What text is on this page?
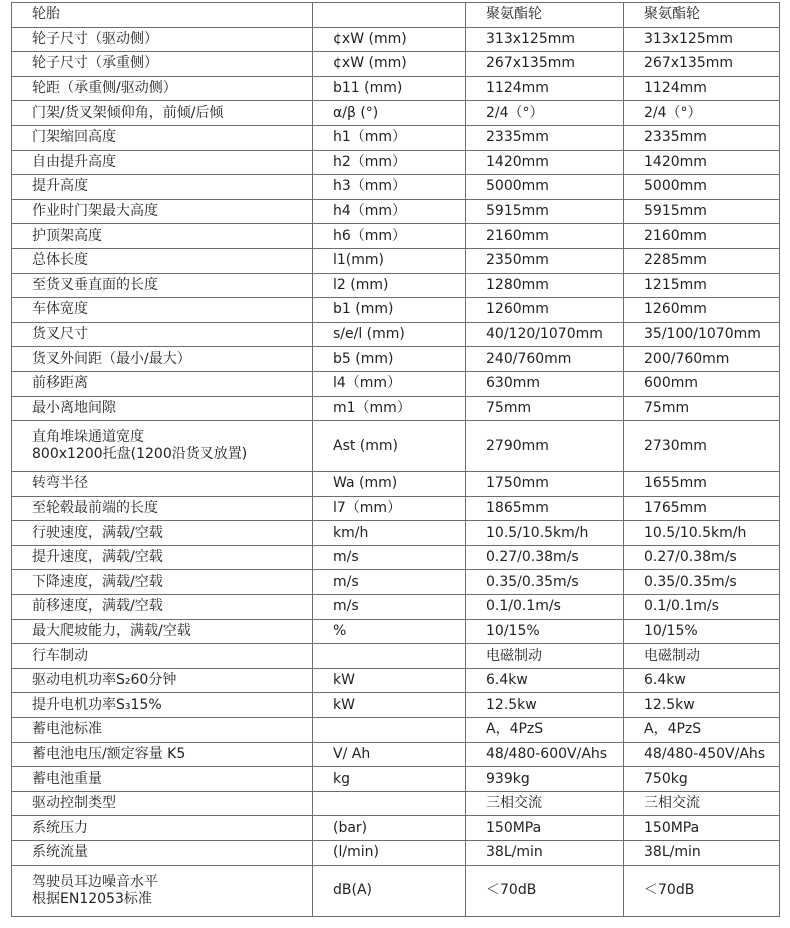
轮胎		聚氨酯轮	聚氨酯轮
轮子尺寸（驱动侧）	¢xW (mm)	313x125mm	313x125mm
轮子尺寸（承重侧）	¢xW (mm)	267x135mm	267x135mm
轮距（承重侧/驱动侧）	b11 (mm)	1124mm	1124mm
门架/货叉架倾仰角，前倾/后倾	α/β (°)	2/4（°）	2/4（°）
门架缩回高度	h1（mm）	2335mm	2335mm
自由提升高度	h2（mm）	1420mm	1420mm
提升高度	h3（mm）	5000mm	5000mm
作业时门架最大高度	h4（mm）	5915mm	5915mm
护顶架高度	h6（mm）	2160mm	2160mm
总体长度	l1(mm)	2350mm	2285mm
至货叉垂直面的长度	l2 (mm)	1280mm	1215mm
车体宽度	b1 (mm)	1260mm	1260mm
货叉尺寸	s/e/l (mm)	40/120/1070mm	35/100/1070mm
货叉外间距（最小/最大）	b5 (mm)	240/760mm	200/760mm
前移距离	l4（mm）	630mm	600mm
最小离地间隙	m1（mm）	75mm	75mm

直角堆垛通道宽度
800x1200托盘(1200沿货叉放置)	Ast (mm)	2790mm	2730mm
转弯半径	Wa (mm)	1750mm	1655mm
至轮毂最前端的长度	l7（mm）	1865mm	1765mm
行驶速度，满载/空载	km/h	10.5/10.5km/h	10.5/10.5km/h
提升速度，满载/空载	m/s	0.27/0.38m/s	0.27/0.38m/s
下降速度，满载/空载	m/s	0.35/0.35m/s	0.35/0.35m/s
前移速度，满载/空载	m/s	0.1/0.1m/s	0.1/0.1m/s
最大爬坡能力，满载/空载	%	10/15%	10/15%
行车制动		电磁制动	电磁制动
驱动电机功率S₂60分钟	kW	6.4kw	6.4kw
提升电机功率S₃15%	kW	12.5kw	12.5kw
蓄电池标准		A，4PzS	A，4PzS
蓄电池电压/额定容量 K5	V/ Ah	48/480-600V/Ahs	48/480-450V/Ahs
蓄电池重量	kg	939kg	750kg
驱动控制类型		三相交流	三相交流
系统压力	(bar)	150MPa	150MPa
系统流量	(l/min)	38L/min	38L/min

驾驶员耳边噪音水平
根据EN12053标准	dB(A)	＜70dB	＜70dB
